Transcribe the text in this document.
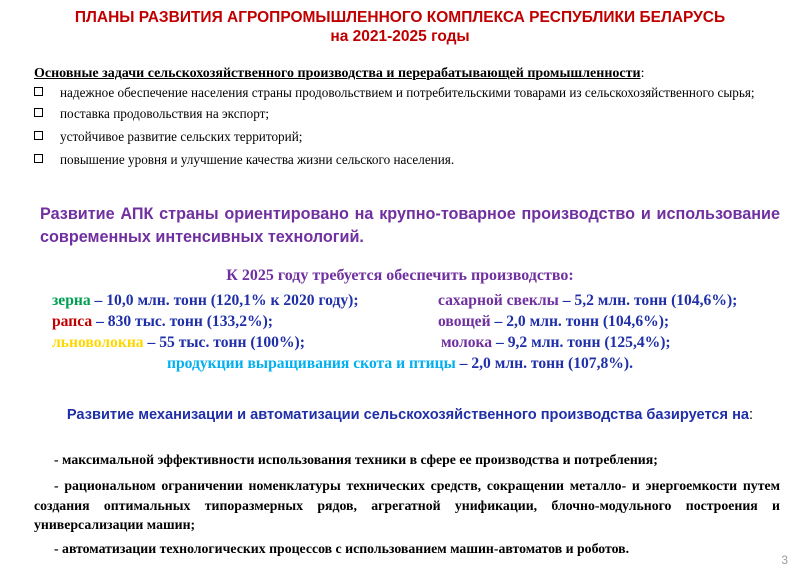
ПЛАНЫ РАЗВИТИЯ АГРОПРОМЫШЛЕННОГО КОМПЛЕКСА РЕСПУБЛИКИ БЕЛАРУСЬ
на 2021-2025 годы
Основные задачи сельскохозяйственного производства и перерабатывающей промышленности:
надежное обеспечение населения страны продовольствием и потребительскими товарами из сельскохозяйственного сырья;
поставка продовольствия на экспорт;
устойчивое развитие сельских территорий;
повышение уровня и улучшение качества жизни сельского населения.
Развитие АПК страны ориентировано на крупно-товарное производство и использование современных интенсивных технологий.
К 2025 году требуется обеспечить производство:
зерна – 10,0 млн. тонн (120,1% к 2020 году);	сахарной свеклы – 5,2 млн. тонн (104,6%);
рапса – 830 тыс. тонн (133,2%);	овощей – 2,0 млн. тонн (104,6%);
льноволокна – 55 тыс. тонн (100%);	молока – 9,2 млн. тонн (125,4%);
продукции выращивания скота и птицы – 2,0 млн. тонн (107,8%).
Развитие механизации и автоматизации сельскохозяйственного производства базируется на:
- максимальной эффективности использования техники в сфере ее производства и потребления;
- рациональном ограничении номенклатуры технических средств, сокращении металло- и энергоемкости путем создания оптимальных типоразмерных рядов, агрегатной унификации, блочно-модульного построения и универсализации машин;
- автоматизации технологических процессов с использованием машин-автоматов и роботов.
3
